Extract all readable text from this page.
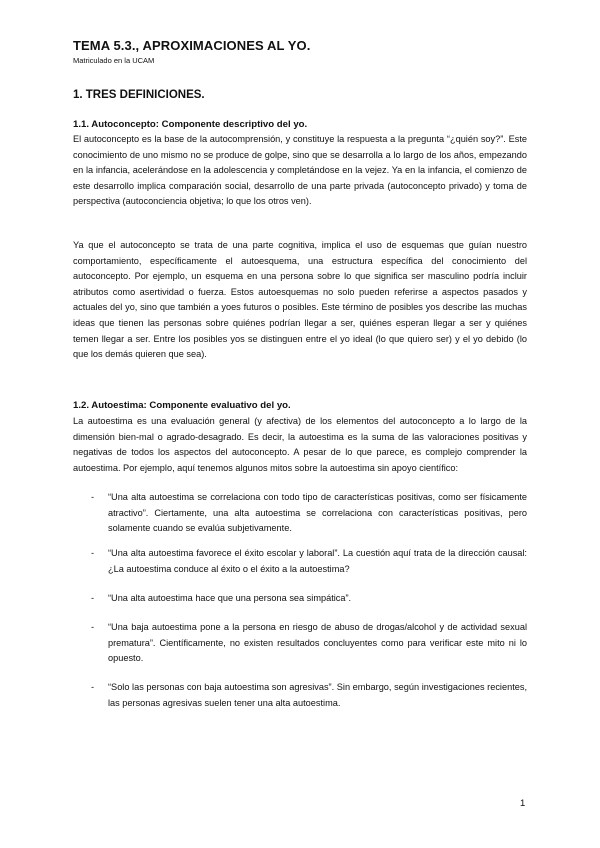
TEMA 5.3., APROXIMACIONES AL YO.
Matriculado en la UCAM
1. TRES DEFINICIONES.
1.1. Autoconcepto: Componente descriptivo del yo.

El autoconcepto es la base de la autocomprensión, y constituye la respuesta a la pregunta “¿quién soy?”. Este conocimiento de uno mismo no se produce de golpe, sino que se desarrolla a lo largo de los años, empezando en la infancia, acelerándose en la adolescencia y completándose en la vejez. Ya en la infancia, el comienzo de este desarrollo implica comparación social, desarrollo de una parte privada (autoconcepto privado) y toma de perspectiva (autoconciencia objetiva; lo que los otros ven).

Ya que el autoconcepto se trata de una parte cognitiva, implica el uso de esquemas que guían nuestro comportamiento, específicamente el autoesquema, una estructura específica del conocimiento del autoconcepto. Por ejemplo, un esquema en una persona sobre lo que significa ser masculino podría incluir atributos como asertividad o fuerza. Estos autoesquemas no solo pueden referirse a aspectos pasados y actuales del yo, sino que también a yoes futuros o posibles. Este término de posibles yos describe las muchas ideas que tienen las personas sobre quiénes podrían llegar a ser, quiénes esperan llegar a ser y quiénes temen llegar a ser. Entre los posibles yos se distinguen entre el yo ideal (lo que quiero ser) y el yo debido (lo que los demás quieren que sea).

1.2. Autoestima: Componente evaluativo del yo.

La autoestima es una evaluación general (y afectiva) de los elementos del autoconcepto a lo largo de la dimensión bien-mal o agrado-desagrado. Es decir, la autoestima es la suma de las valoraciones positivas y negativas de todos los aspectos del autoconcepto. A pesar de lo que parece, es complejo comprender la autoestima. Por ejemplo, aquí tenemos algunos mitos sobre la autoestima sin apoyo científico:

- “Una alta autoestima se correlaciona con todo tipo de características positivas, como ser físicamente atractivo”. Ciertamente, una alta autoestima se correlaciona con características positivas, pero solamente cuando se evalúa subjetivamente.
- “Una alta autoestima favorece el éxito escolar y laboral”. La cuestión aquí trata de la dirección causal: ¿La autoestima conduce al éxito o el éxito a la autoestima?
- “Una alta autoestima hace que una persona sea simpática”.
- “Una baja autoestima pone a la persona en riesgo de abuso de drogas/alcohol y de actividad sexual prematura”. Científicamente, no existen resultados concluyentes como para verificar este mito ni lo opuesto.
- “Solo las personas con baja autoestima son agresivas”. Sin embargo, según investigaciones recientes, las personas agresivas suelen tener una alta autoestima.
1
